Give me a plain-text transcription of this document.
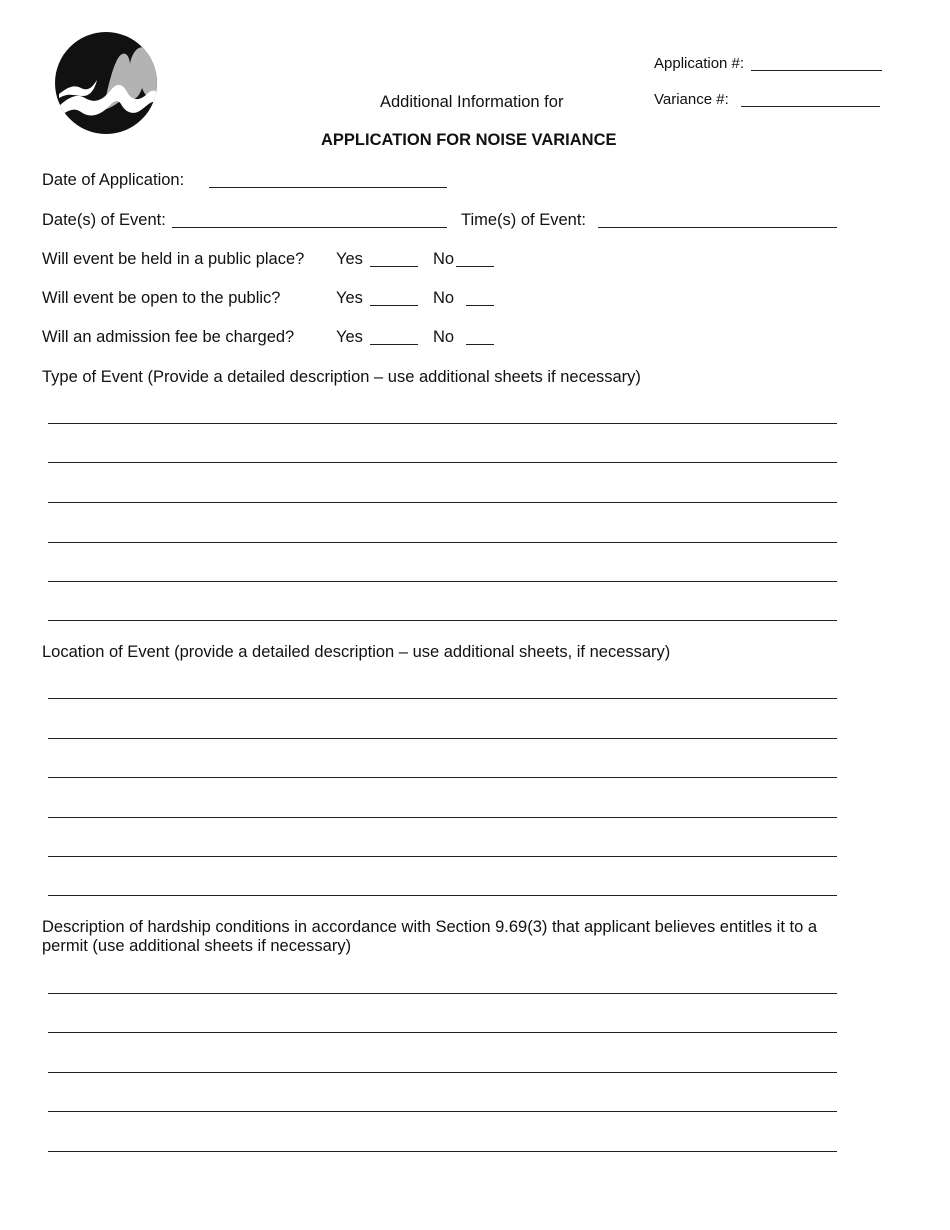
Application #:
Variance #:
Additional Information for
APPLICATION FOR NOISE VARIANCE
Date of Application:
Date(s) of Event:	Time(s) of Event:
Will event be held in a public place? Yes	No
Will event be open to the public?	Yes	No
Will an admission fee be charged?	Yes	No
Type of Event (Provide a detailed description – use additional sheets if necessary)
Location of Event (provide a detailed description – use additional sheets, if necessary)
Description of hardship conditions in accordance with Section 9.69(3) that applicant believes entitles it to a
permit (use additional sheets if necessary)
